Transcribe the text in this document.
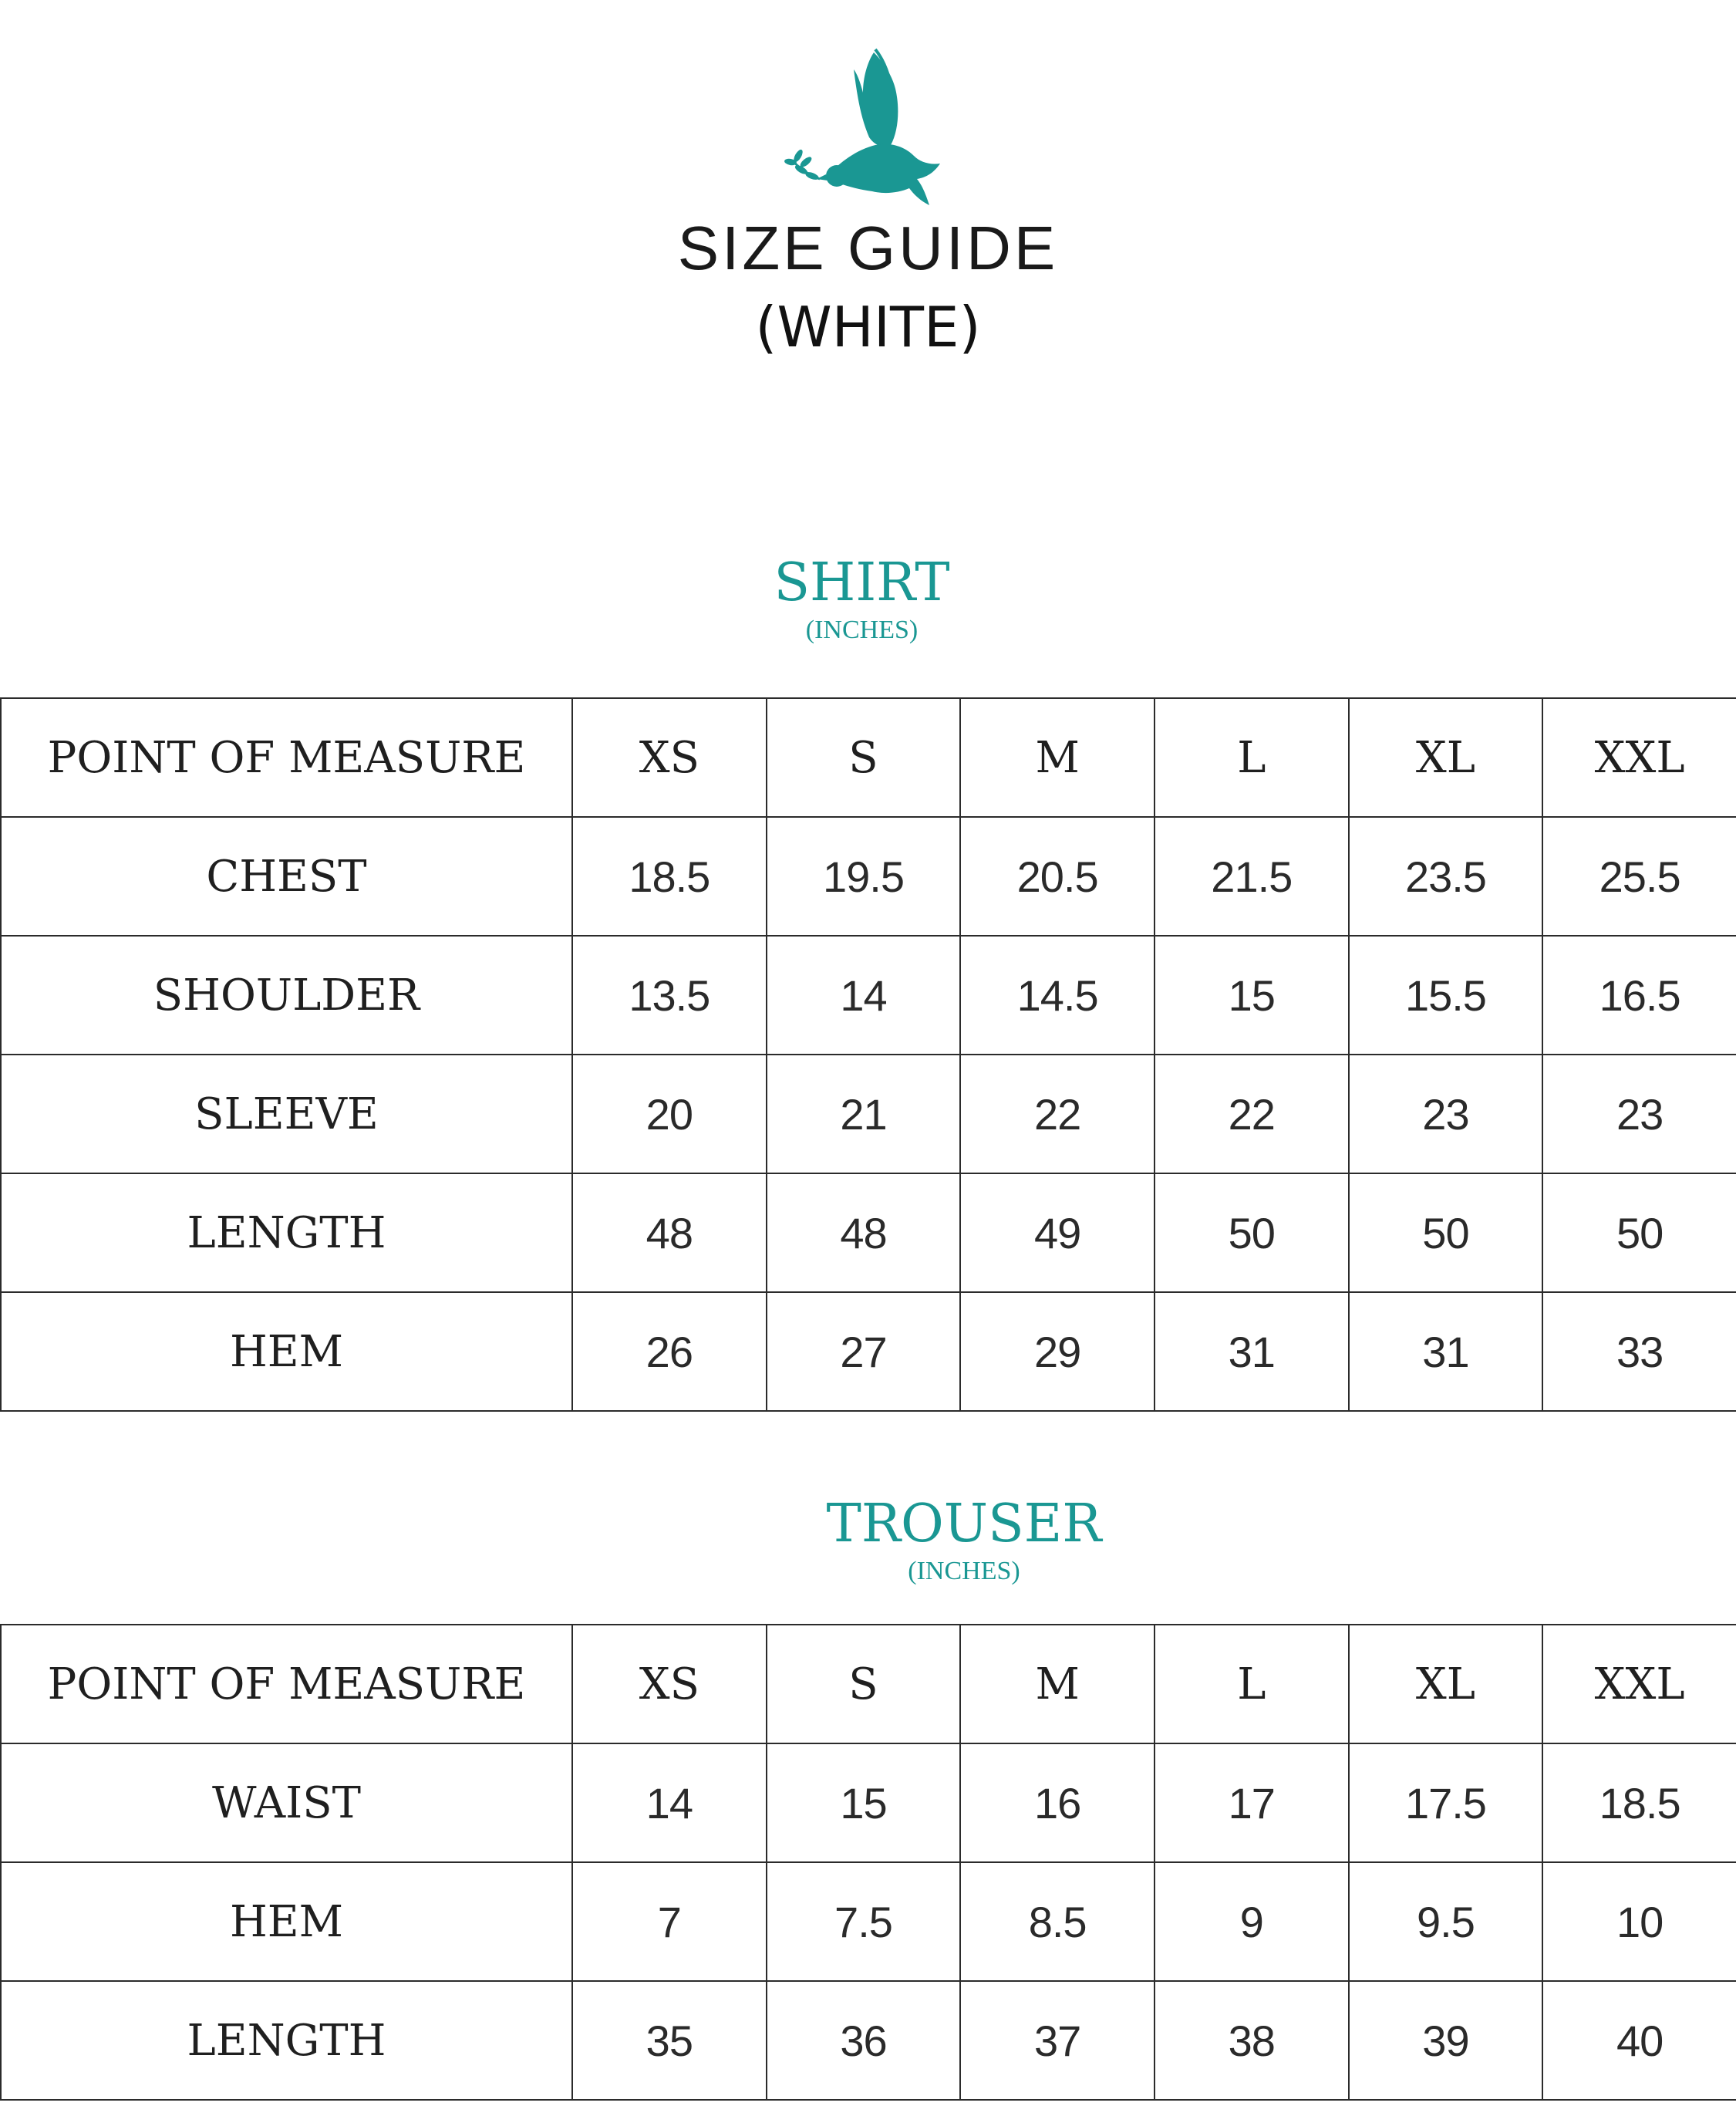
SIZE GUIDE
(WHITE)
SHIRT
(INCHES)
POINT OF MEASURE	XS	S	M	L	XL	XXL
CHEST	18.5	19.5	20.5	21.5	23.5	25.5
SHOULDER	13.5	14	14.5	15	15.5	16.5
SLEEVE	20	21	22	22	23	23
LENGTH	48	48	49	50	50	50
HEM	26	27	29	31	31	33
TROUSER
(INCHES)
POINT OF MEASURE	XS	S	M	L	XL	XXL
WAIST	14	15	16	17	17.5	18.5
HEM	7	7.5	8.5	9	9.5	10
LENGTH	35	36	37	38	39	40
